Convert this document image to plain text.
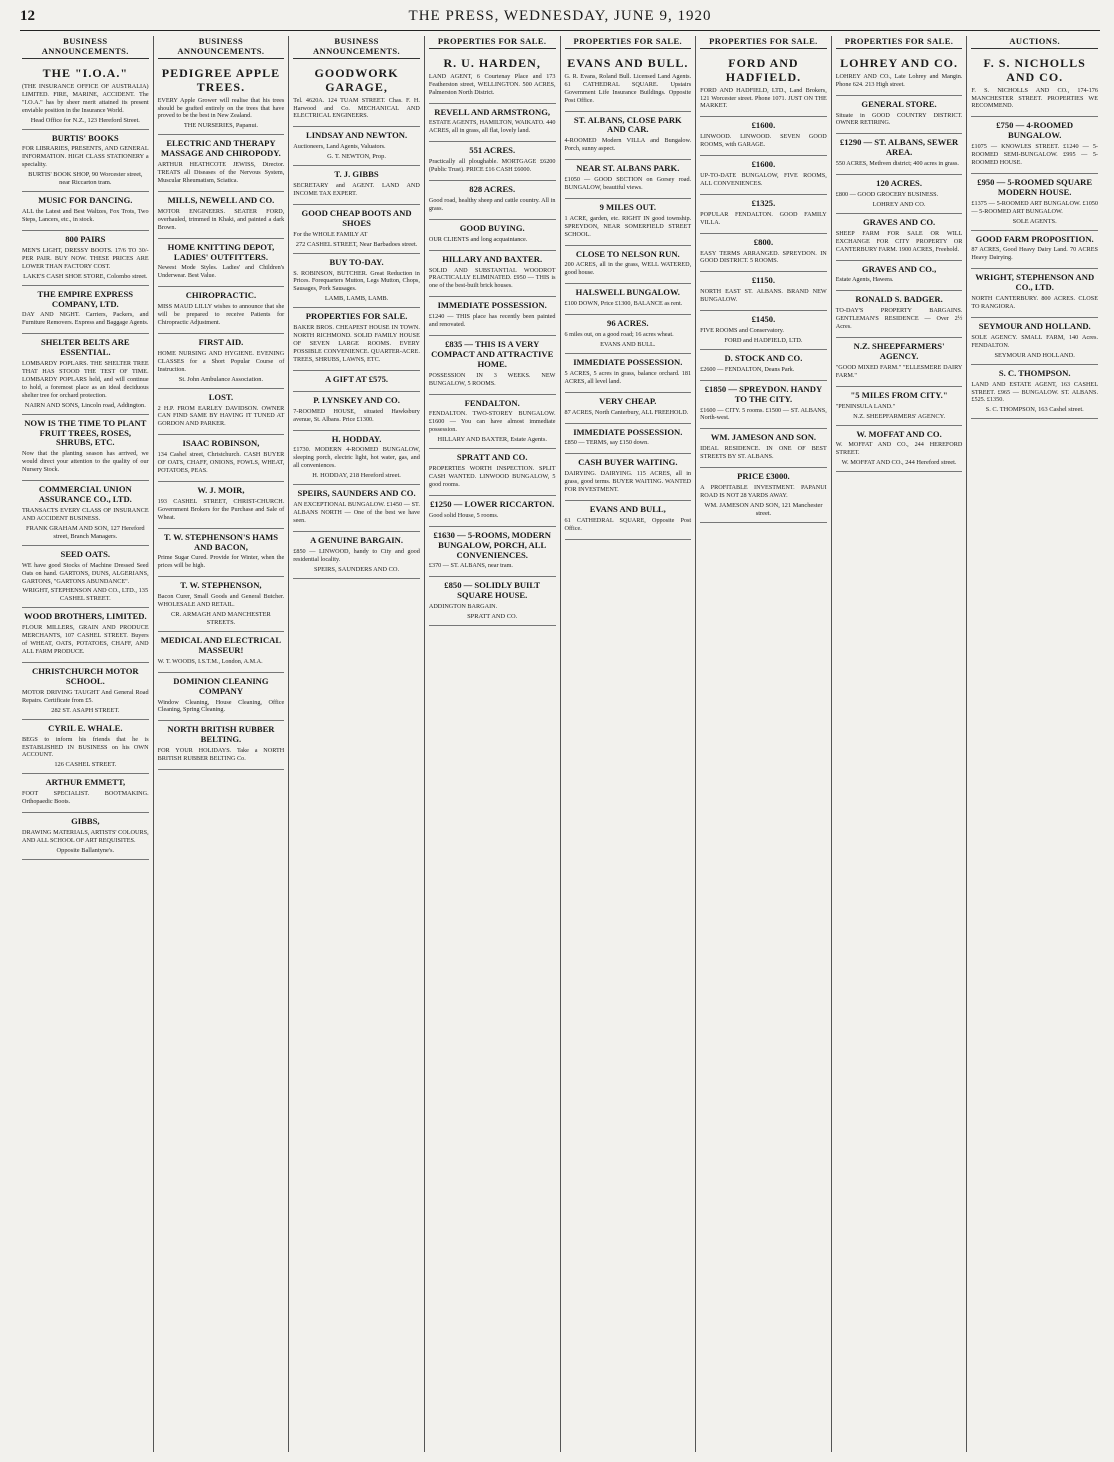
12	THE PRESS, WEDNESDAY, JUNE 9, 1920
BUSINESS ANNOUNCEMENTS.
THE "I.O.A."
(THE INSURANCE OFFICE OF AUSTRALIA) LIMITED. FIRE, MARINE, ACCIDENT. The "I.O.A." has by sheer merit attained its present enviable position in the Insurance World.
Head Office for N.Z., 123 Hereford Street.
BURTIS' BOOKS
FOR LIBRARIES, PRESENTS, AND GENERAL INFORMATION. HIGH CLASS STATIONERY a speciality.
BURTIS' BOOK SHOP, 90 Worcester street, near Riccarton tram.
MUSIC FOR DANCING.
ALL the Latest and Best Waltzes, Fox Trots, Two Steps, Lancers, etc., in stock.
800 PAIRS
MEN'S LIGHT, DRESSY BOOTS. 17/6 TO 30/- PER PAIR. BUY NOW. THESE PRICES ARE LOWER THAN FACTORY COST.
LAKE'S CASH SHOE STORE, Colombo street.
THE EMPIRE EXPRESS COMPANY, LTD.
DAY AND NIGHT. Carriers, Packers, and Furniture Removers. Express and Baggage Agents.
SHELTER BELTS ARE ESSENTIAL.
LOMBARDY POPLARS. THE SHELTER TREE THAT HAS STOOD THE TEST OF TIME. LOMBARDY POPLARS held, and will continue to hold, a foremost place as an ideal deciduous shelter tree for orchard protection.
NAIRN AND SONS, Lincoln road, Addington.
NOW IS THE TIME TO PLANT FRUIT TREES, ROSES, SHRUBS, ETC.
Now that the planting season has arrived, we would direct your attention to the quality of our Nursery Stock.
COMMERCIAL UNION ASSURANCE CO., LTD.
TRANSACTS EVERY CLASS OF INSURANCE AND ACCIDENT BUSINESS.
FRANK GRAHAM AND SON, 127 Hereford street, Branch Managers.
SEED OATS.
WE have good Stocks of Machine Dressed Seed Oats on hand. GARTONS, DUNS, ALGERIANS, GARTONS, "GARTONS ABUNDANCE".
WRIGHT, STEPHENSON AND CO., LTD., 135 CASHEL STREET.
WOOD BROTHERS, LIMITED.
FLOUR MILLERS, GRAIN AND PRODUCE MERCHANTS, 107 CASHEL STREET. Buyers of WHEAT, OATS, POTATOES, CHAFF, AND ALL FARM PRODUCE.
CHRISTCHURCH MOTOR SCHOOL.
MOTOR DRIVING TAUGHT And General Road Repairs. Certificate from £5.
282 ST. ASAPH STREET.
CYRIL E. WHALE.
BEGS to inform his friends that he is ESTABLISHED IN BUSINESS on his OWN ACCOUNT.
126 CASHEL STREET.
ARTHUR EMMETT,
FOOT SPECIALIST. BOOTMAKING. Orthopaedic Boots.
GIBBS,
DRAWING MATERIALS, ARTISTS' COLOURS, AND ALL SCHOOL OF ART REQUISITES.
Opposite Ballantyne's.
BUSINESS ANNOUNCEMENTS.
PEDIGREE APPLE TREES.
EVERY Apple Grower will realise that his trees should be grafted entirely on the trees that have proved to be the best in New Zealand.
THE NURSERIES, Papanui.
ELECTRIC AND THERAPY MASSAGE AND CHIROPODY.
ARTHUR HEATHCOTE JEWISS, Director. TREATS all Diseases of the Nervous System, Muscular Rheumatism, Sciatica.
MILLS, NEWELL AND CO.
MOTOR ENGINEERS. SEATER FORD, overhauled, trimmed in Khaki, and painted a dark Brown.
HOME KNITTING DEPOT, LADIES' OUTFITTERS.
Newest Mode Styles. Ladies' and Children's Underwear. Best Value.
CHIROPRACTIC.
MISS MAUD LILLY wishes to announce that she will be prepared to receive Patients for Chiropractic Adjustment.
FIRST AID.
HOME NURSING AND HYGIENE. EVENING CLASSES for a Short Popular Course of Instruction.
St. John Ambulance Association.
LOST.
2 H.P. FROM EARLEY DAVIDSON. OWNER CAN FIND SAME BY HAVING IT TUNED AT GORDON AND PARKER.
ISAAC ROBINSON,
134 Cashel street, Christchurch. CASH BUYER OF OATS, CHAFF, ONIONS, FOWLS, WHEAT, POTATOES, PEAS.
W. J. MOIR,
193 CASHEL STREET, CHRIST-CHURCH. Government Brokers for the Purchase and Sale of Wheat.
T. W. STEPHENSON'S HAMS AND BACON,
Prime Sugar Cured. Provide for Winter, when the prices will be high.
T. W. STEPHENSON,
Bacon Curer, Small Goods and General Butcher. WHOLESALE AND RETAIL.
CR. ARMAGH AND MANCHESTER STREETS.
MEDICAL AND ELECTRICAL MASSEUR!
W. T. WOODS, I.S.T.M., London, A.M.A.
DOMINION CLEANING COMPANY
Window Cleaning, House Cleaning, Office Cleaning, Spring Cleaning.
NORTH BRITISH RUBBER BELTING.
FOR YOUR HOLIDAYS. Take a NORTH BRITISH RUBBER BELTING Co.
BUSINESS ANNOUNCEMENTS.
GOODWORK GARAGE,
Tel. 4620A. 124 TUAM STREET. Chas. F. H. Harwood and Co. MECHANICAL AND ELECTRICAL ENGINEERS.
LINDSAY AND NEWTON.
Auctioneers, Land Agents, Valuators.
G. T. NEWTON, Prop.
T. J. GIBBS
SECRETARY and AGENT. LAND AND INCOME TAX EXPERT.
GOOD CHEAP BOOTS AND SHOES
For the WHOLE FAMILY AT
272 CASHEL STREET, Near Barbadoes street.
BUY TO-DAY.
S. ROBINSON, BUTCHER. Great Reduction in Prices. Forequarters Mutton, Legs Mutton, Chops, Sausages, Pork Sausages.
LAMB, LAMB, LAMB.
PROPERTIES FOR SALE.
BAKER BROS. CHEAPEST HOUSE IN TOWN. NORTH RICHMOND. SOLID FAMILY HOUSE OF SEVEN LARGE ROOMS. EVERY POSSIBLE CONVENIENCE. QUARTER-ACRE. TREES, SHRUBS, LAWNS, ETC.
A GIFT AT £575.
P. LYNSKEY AND CO.
7-ROOMED HOUSE, situated Hawksbury avenue, St. Albans. Price £1300.
H. HODDAY.
£1730. MODERN 4-ROOMED BUNGALOW, sleeping porch, electric light, hot water, gas, and all conveniences.
H. HODDAY, 218 Hereford street.
SPEIRS, SAUNDERS AND CO.
AN EXCEPTIONAL BUNGALOW. £1450 — ST. ALBANS NORTH — One of the best we have seen.
A GENUINE BARGAIN.
£850 — LINWOOD, handy to City and good residential locality.
SPEIRS, SAUNDERS AND CO.
PROPERTIES FOR SALE.
R. U. HARDEN,
LAND AGENT, 6 Courtenay Place and 173 Featherston street, WELLINGTON. 500 ACRES, Palmerston North District.
REVELL AND ARMSTRONG,
ESTATE AGENTS, HAMILTON, WAIKATO. 440 ACRES, all in grass, all flat, lovely land.
551 ACRES.
Practically all ploughable. MORTGAGE £6200 (Public Trust). PRICE £16 CASH £6000.
828 ACRES.
Good road, healthy sheep and cattle country. All in grass.
GOOD BUYING.
OUR CLIENTS and long acquaintance.
HILLARY AND BAXTER.
SOLID AND SUBSTANTIAL WOODROT PRACTICALLY ELIMINATED. £950 — THIS is one of the best-built brick houses.
IMMEDIATE POSSESSION.
£1240 — THIS place has recently been painted and renovated.
£835 — THIS IS A VERY COMPACT AND ATTRACTIVE HOME.
POSSESSION IN 3 WEEKS. NEW BUNGALOW, 5 ROOMS.
FENDALTON.
FENDALTON. TWO-STOREY BUNGALOW. £1600 — You can have almost immediate possession.
HILLARY AND BAXTER, Estate Agents.
SPRATT AND CO.
PROPERTIES WORTH INSPECTION. SPLIT CASH WANTED. LINWOOD BUNGALOW, 5 good rooms.
£1250 — LOWER RICCARTON.
Good solid House, 5 rooms.
£1630 — 5-ROOMS, MODERN BUNGALOW, PORCH, ALL CONVENIENCES.
£370 — ST. ALBANS, near tram.
£850 — SOLIDLY BUILT SQUARE HOUSE.
ADDINGTON BARGAIN.
SPRATT AND CO.
PROPERTIES FOR SALE.
EVANS AND BULL.
G. R. Evans, Roland Bull. Licensed Land Agents. 61 CATHEDRAL SQUARE. Upstairs Government Life Insurance Buildings. Opposite Post Office.
ST. ALBANS, CLOSE PARK AND CAR.
4-ROOMED Modern VILLA and Bungalow. Porch, sunny aspect.
NEAR ST. ALBANS PARK.
£1050 — GOOD SECTION on Gorsey road. BUNGALOW, beautiful views.
9 MILES OUT.
1 ACRE, garden, etc. RIGHT IN good township. SPREYDON, NEAR SOMERFIELD STREET SCHOOL.
CLOSE TO NELSON RUN.
200 ACRES, all in the grass, WELL WATERED, good house.
HALSWELL BUNGALOW.
£100 DOWN, Price £1300, BALANCE as rent.
96 ACRES.
6 miles out, on a good road; 16 acres wheat.
EVANS AND BULL.
IMMEDIATE POSSESSION.
5 ACRES, 5 acres in grass, balance orchard. 181 ACRES, all level land.
VERY CHEAP.
87 ACRES, North Canterbury, ALL FREEHOLD.
IMMEDIATE POSSESSION.
£850 — TERMS, say £150 down.
CASH BUYER WAITING.
DAIRYING. DAIRYING. 115 ACRES, all in grass, good terms. BUYER WAITING. WANTED FOR INVESTMENT.
EVANS AND BULL,
61 CATHEDRAL SQUARE, Opposite Post Office.
PROPERTIES FOR SALE.
FORD AND HADFIELD.
FORD AND HADFIELD, LTD., Land Brokers, 121 Worcester street. Phone 1071. JUST ON THE MARKET.
£1600.
LINWOOD. LINWOOD. SEVEN GOOD ROOMS, with GARAGE.
£1600.
UP-TO-DATE BUNGALOW, FIVE ROOMS, ALL CONVENIENCES.
£1325.
POPULAR FENDALTON. GOOD FAMILY VILLA.
£800.
EASY TERMS ARRANGED. SPREYDON. IN GOOD DISTRICT. 5 ROOMS.
£1150.
NORTH EAST ST. ALBANS. BRAND NEW BUNGALOW.
£1450.
FIVE ROOMS and Conservatory.
FORD and HADFIELD, LTD.
D. STOCK AND CO.
£2600 — FENDALTON, Deans Park.
£1850 — SPREYDON. HANDY TO THE CITY.
£1600 — CITY. 5 rooms. £1500 — ST. ALBANS, North-west.
WM. JAMESON AND SON.
IDEAL RESIDENCE. IN ONE OF BEST STREETS BY ST. ALBANS.
PRICE £3000.
A PROFITABLE INVESTMENT. PAPANUI ROAD IS NOT 28 YARDS AWAY.
WM. JAMESON AND SON, 121 Manchester street.
PROPERTIES FOR SALE.
LOHREY AND CO.
LOHREY AND CO., Late Lohrey and Mangin. Phone 624. 213 High street.
GENERAL STORE.
Situate in GOOD COUNTRY DISTRICT. OWNER RETIRING.
£1290 — ST. ALBANS, SEWER AREA.
550 ACRES, Methven district; 400 acres in grass.
120 ACRES.
£800 — GOOD GROCERY BUSINESS.
LOHREY AND CO.
GRAVES AND CO.
SHEEP FARM FOR SALE OR WILL EXCHANGE FOR CITY PROPERTY OR CANTERBURY FARM. 1900 ACRES, Freehold.
GRAVES AND CO.,
Estate Agents, Hawera.
RONALD S. BADGER.
TO-DAY'S PROPERTY BARGAINS. GENTLEMAN'S RESIDENCE — Over 2½ Acres.
N.Z. SHEEPFARMERS' AGENCY.
"GOOD MIXED FARM." "ELLESMERE DAIRY FARM."
"5 MILES FROM CITY."
"PENINSULA LAND."
N.Z. SHEEPFARMERS' AGENCY.
W. MOFFAT AND CO.
W. MOFFAT AND CO., 244 HEREFORD STREET.
W. MOFFAT AND CO., 244 Hereford street.
AUCTIONS.
F. S. NICHOLLS AND CO.
F. S. NICHOLLS AND CO., 174-176 MANCHESTER STREET. PROPERTIES WE RECOMMEND.
£750 — 4-ROOMED BUNGALOW.
£1075 — KNOWLES STREET. £1240 — 5-ROOMED SEMI-BUNGALOW. £995 — 5-ROOMED HOUSE.
£950 — 5-ROOMED SQUARE MODERN HOUSE.
£1375 — 5-ROOMED ART BUNGALOW. £1050 — 5-ROOMED ART BUNGALOW.
SOLE AGENTS.
GOOD FARM PROPOSITION.
87 ACRES, Good Heavy Dairy Land. 70 ACRES Heavy Dairying.
WRIGHT, STEPHENSON AND CO., LTD.
NORTH CANTERBURY. 800 ACRES. CLOSE TO RANGIORA.
SEYMOUR AND HOLLAND.
SOLE AGENCY. SMALL FARM, 140 Acres. FENDALTON.
SEYMOUR AND HOLLAND.
S. C. THOMPSON.
LAND AND ESTATE AGENT, 163 CASHEL STREET. £965 — BUNGALOW. ST. ALBANS. £525. £1350.
S. C. THOMPSON, 163 Cashel street.
